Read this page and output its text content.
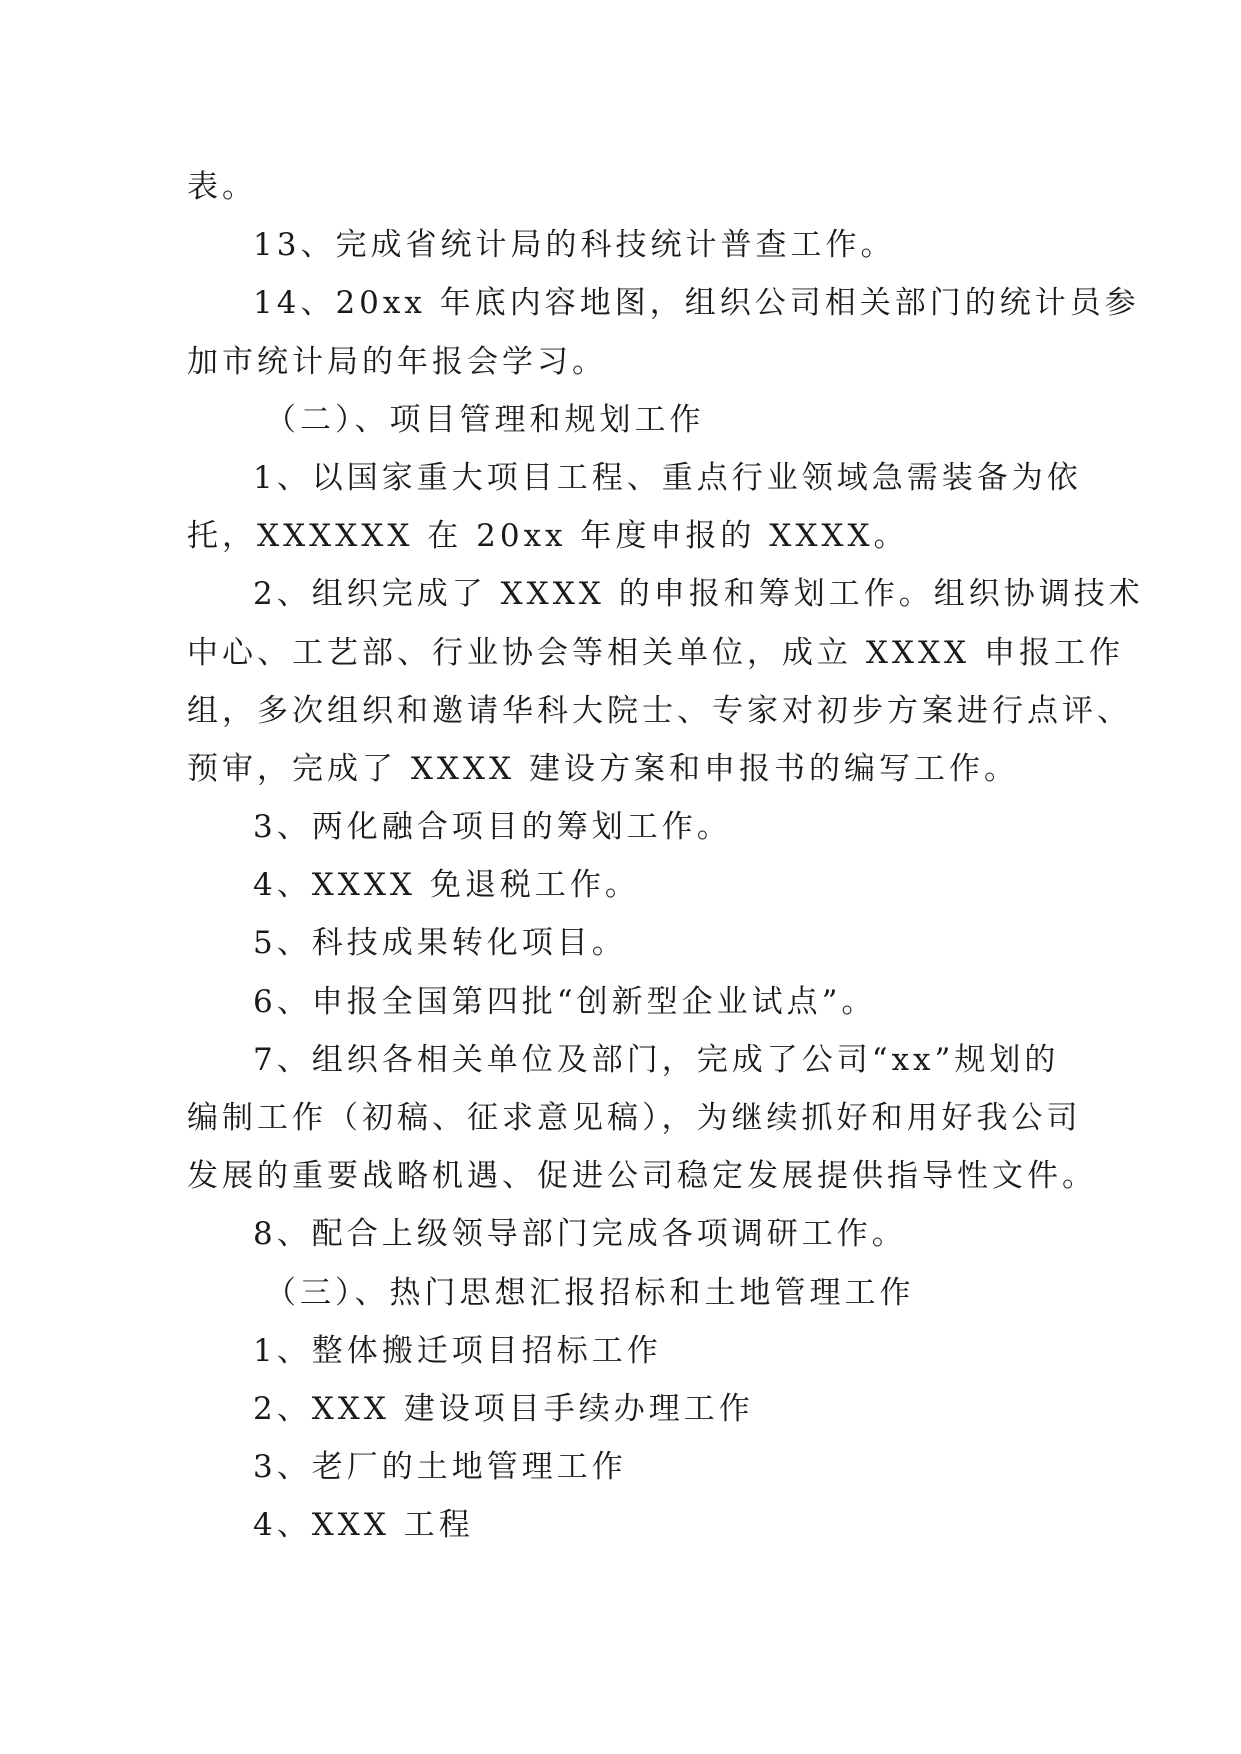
表。
13、完成省统计局的科技统计普查工作。
14、20xx 年底内容地图，组织公司相关部门的统计员参
加市统计局的年报会学习。
（二）、项目管理和规划工作
1、以国家重大项目工程、重点行业领域急需装备为依
托，XXXXXX 在 20xx 年度申报的 XXXX。
2、组织完成了 XXXX 的申报和筹划工作。组织协调技术
中心、工艺部、行业协会等相关单位，成立 XXXX 申报工作
组，多次组织和邀请华科大院士、专家对初步方案进行点评、
预审，完成了 XXXX 建设方案和申报书的编写工作。
3、两化融合项目的筹划工作。
4、XXXX 免退税工作。
5、科技成果转化项目。
6、申报全国第四批“创新型企业试点”。
7、组织各相关单位及部门，完成了公司“xx”规划的
编制工作（初稿、征求意见稿），为继续抓好和用好我公司
发展的重要战略机遇、促进公司稳定发展提供指导性文件。
8、配合上级领导部门完成各项调研工作。
（三）、热门思想汇报招标和土地管理工作
1、整体搬迁项目招标工作
2、XXX 建设项目手续办理工作
3、老厂的土地管理工作
4、XXX 工程
